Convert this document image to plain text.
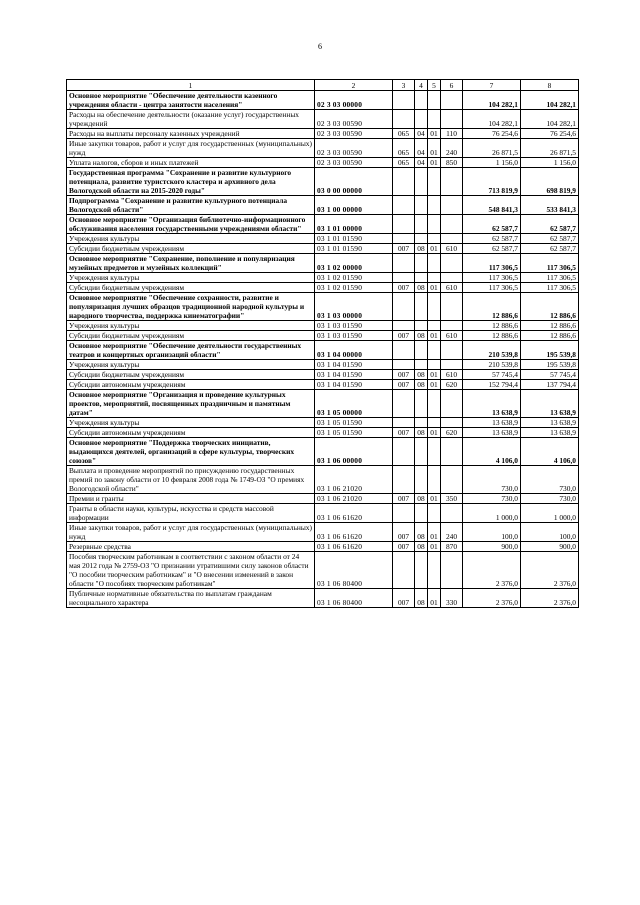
6
1	2	3	4	5	6	7	8
Основное мероприятие "Обеспечение деятельности казенного учреждения области - центра занятости населения"	02 3 03 00000					104 282,1	104 282,1
Расходы на обеспечение деятельности (оказание услуг) государственных учреждений	02 3 03 00590					104 282,1	104 282,1
Расходы на выплаты персоналу казенных учреждений	02 3 03 00590	065	04	01	110	76 254,6	76 254,6
Иные закупки товаров, работ и услуг для государственных (муниципальных) нужд	02 3 03 00590	065	04	01	240	26 871,5	26 871,5
Уплата налогов, сборов и иных платежей	02 3 03 00590	065	04	01	850	1 156,0	1 156,0
Государственная программа "Сохранение и развитие культурного потенциала, развитие туристского кластера и архивного дела Вологодской области на 2015-2020 годы"	03 0 00 00000					713 819,9	698 819,9
Подпрограмма "Сохранение и развитие культурного потенциала Вологодской области"	03 1 00 00000					548 841,3	533 841,3
Основное мероприятие "Организация библиотечно-информационного обслуживания населения государственными учреждениями области"	03 1 01 00000					62 587,7	62 587,7
Учреждения культуры	03 1 01 01590					62 587,7	62 587,7
Субсидии бюджетным учреждениям	03 1 01 01590	007	08	01	610	62 587,7	62 587,7
Основное мероприятие "Сохранение, пополнение и популяризация музейных предметов и музейных коллекций"	03 1 02 00000					117 306,5	117 306,5
Учреждения культуры	03 1 02 01590					117 306,5	117 306,5
Субсидии бюджетным учреждениям	03 1 02 01590	007	08	01	610	117 306,5	117 306,5
Основное мероприятие "Обеспечение сохранности, развитие и популяризация лучших образцов традиционной народной культуры и народного творчества, поддержка кинематографии"	03 1 03 00000					12 886,6	12 886,6
Учреждения культуры	03 1 03 01590					12 886,6	12 886,6
Субсидии бюджетным учреждениям	03 1 03 01590	007	08	01	610	12 886,6	12 886,6
Основное мероприятие "Обеспечение деятельности государственных театров и концертных организаций области"	03 1 04 00000					210 539,8	195 539,8
Учреждения культуры	03 1 04 01590					210 539,8	195 539,8
Субсидии бюджетным учреждениям	03 1 04 01590	007	08	01	610	57 745,4	57 745,4
Субсидии автономным учреждениям	03 1 04 01590	007	08	01	620	152 794,4	137 794,4
Основное мероприятие "Организация и проведение культурных проектов, мероприятий, посвященных праздничным и памятным датам"	03 1 05 00000					13 638,9	13 638,9
Учреждения культуры	03 1 05 01590					13 638,9	13 638,9
Субсидии автономным учреждениям	03 1 05 01590	007	08	01	620	13 638,9	13 638,9
Основное мероприятие "Поддержка творческих инициатив, выдающихся деятелей, организаций в сфере культуры, творческих союзов"	03 1 06 00000					4 106,0	4 106,0
Выплата и проведение мероприятий по присуждению государственных премий по закону области от 10 февраля 2008 года № 1749-ОЗ "О премиях Вологодской области"	03 1 06 21020					730,0	730,0
Премии и гранты	03 1 06 21020	007	08	01	350	730,0	730,0
Гранты в области науки, культуры, искусства и средств массовой информации	03 1 06 61620					1 000,0	1 000,0
Иные закупки товаров, работ и услуг для государственных (муниципальных) нужд	03 1 06 61620	007	08	01	240	100,0	100,0
Резервные средства	03 1 06 61620	007	08	01	870	900,0	900,0
Пособия творческим работникам в соответствии с законом области от 24 мая 2012 года № 2759-ОЗ "О признании утратившими силу законов области "О пособии творческим работникам" и "О внесении изменений в закон области "О пособиях творческим работникам"	03 1 06 80400					2 376,0	2 376,0
Публичные нормативные обязательства по выплатам гражданам несоциального характера	03 1 06 80400	007	08	01	330	2 376,0	2 376,0
